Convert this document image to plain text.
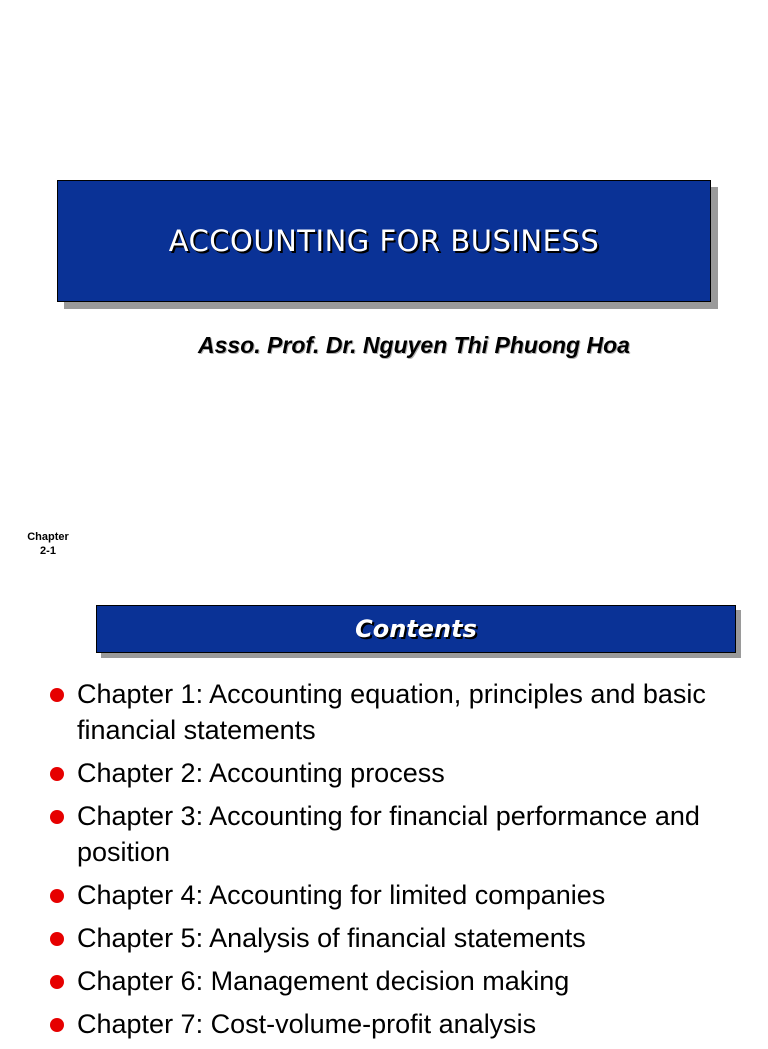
ACCOUNTING FOR BUSINESS
Asso. Prof. Dr. Nguyen Thi Phuong Hoa
Chapter
2-1
Contents
Chapter 1: Accounting equation, principles and basic financial statements
Chapter 2: Accounting process
Chapter 3: Accounting for financial performance and position
Chapter 4: Accounting for limited companies
Chapter 5: Analysis of financial statements
Chapter 6: Management decision making
Chapter 7: Cost-volume-profit analysis
